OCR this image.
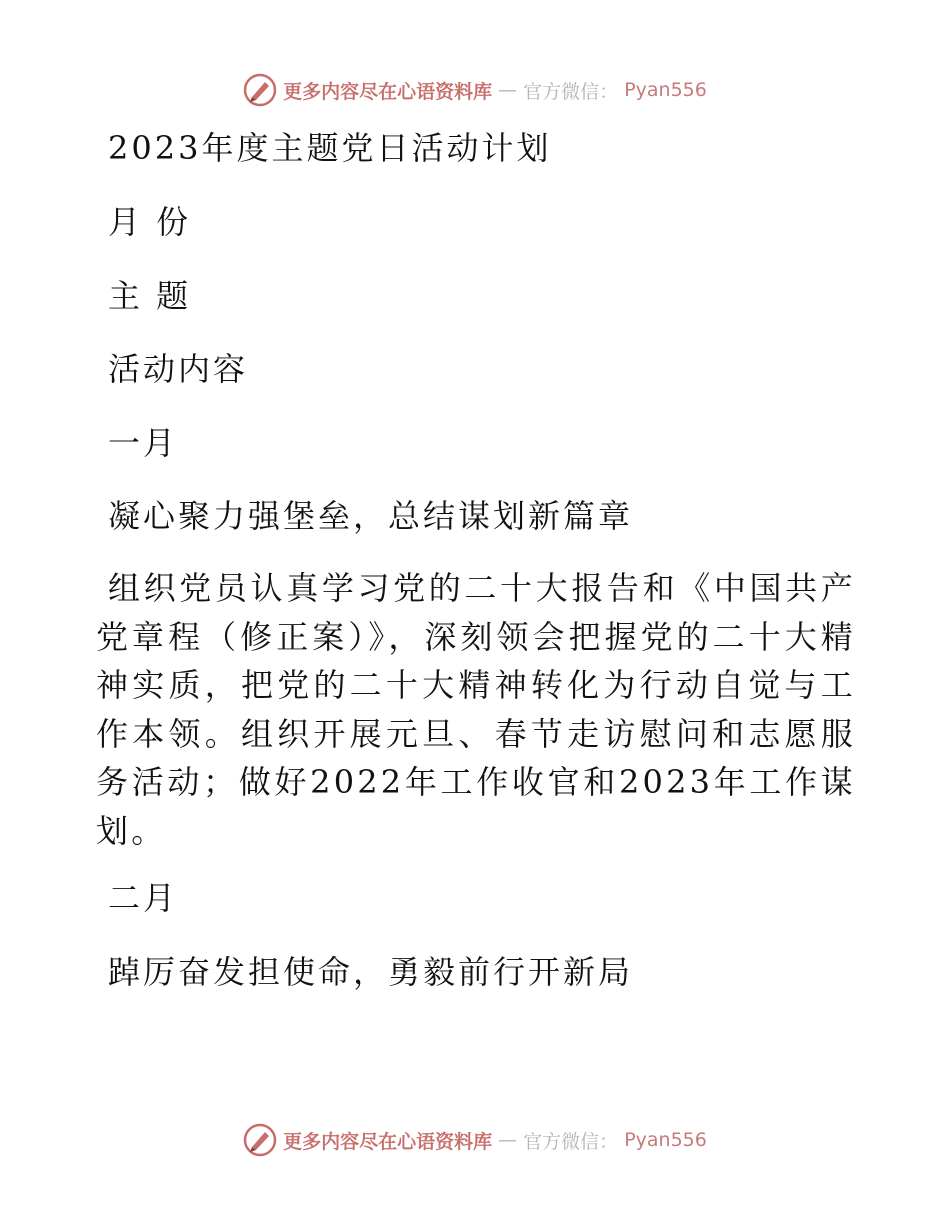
更多内容尽在心语资料库 — 官方微信： Pyan556
2023年度主题党日活动计划
月 份
主 题
活动内容
一月
凝心聚力强堡垒，总结谋划新篇章
组织党员认真学习党的二十大报告和《中国共产党章程（修正案）》，深刻领会把握党的二十大精神实质，把党的二十大精神转化为行动自觉与工作本领。组织开展元旦、春节走访慰问和志愿服务活动；做好2022年工作收官和2023年工作谋划。
二月
踔厉奋发担使命，勇毅前行开新局
更多内容尽在心语资料库 — 官方微信： Pyan556
